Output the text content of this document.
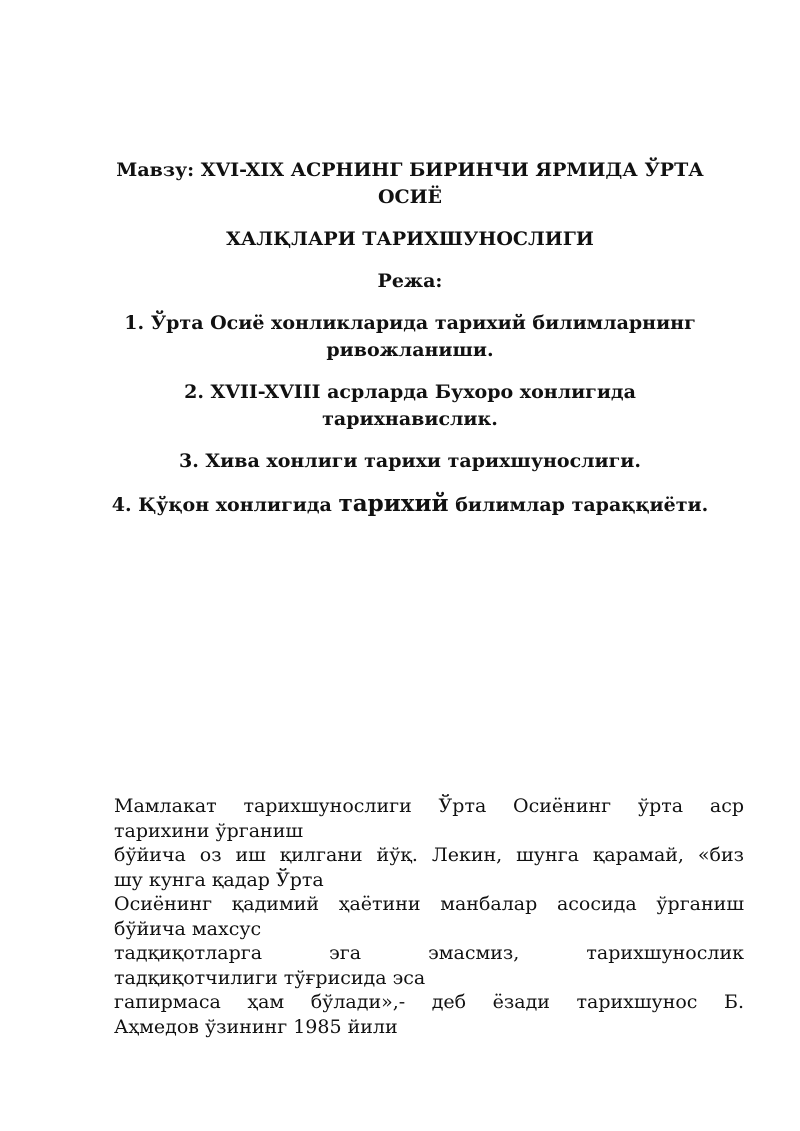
Мавзу: XVI-XIX АСРНИНГ БИРИНЧИ ЯРМИДА ЎРТА
ОСИЁ

ХАЛҚЛАРИ ТАРИХШУНОСЛИГИ

Режа:

1. Ўрта Осиё хонликларида тарихий билимларнинг
ривожланиши.

2. XVII-XVIII асрларда Бухоро хонлигида
тарихнавислик.

3. Хива хонлиги тарихи тарихшунослиги.

4. Қўқон хонлигида тарихий билимлар тараққиёти.

Мамлакат тарихшунослиги Ўрта Осиёнинг ўрта аср
тарихини ўрганиш
бўйича оз иш қилгани йўқ. Лекин, шунга қарамай, «биз
шу кунга қадар Ўрта
Осиёнинг қадимий ҳаётини манбалар асосида ўрганиш
бўйича махсус
тадқиқотларга эга эмасмиз, тарихшунослик
тадқиқотчилиги тўғрисида эса
гапирмаса ҳам бўлади»,- деб ёзади тарихшунос Б.
Аҳмедов ўзининг 1985 йили
